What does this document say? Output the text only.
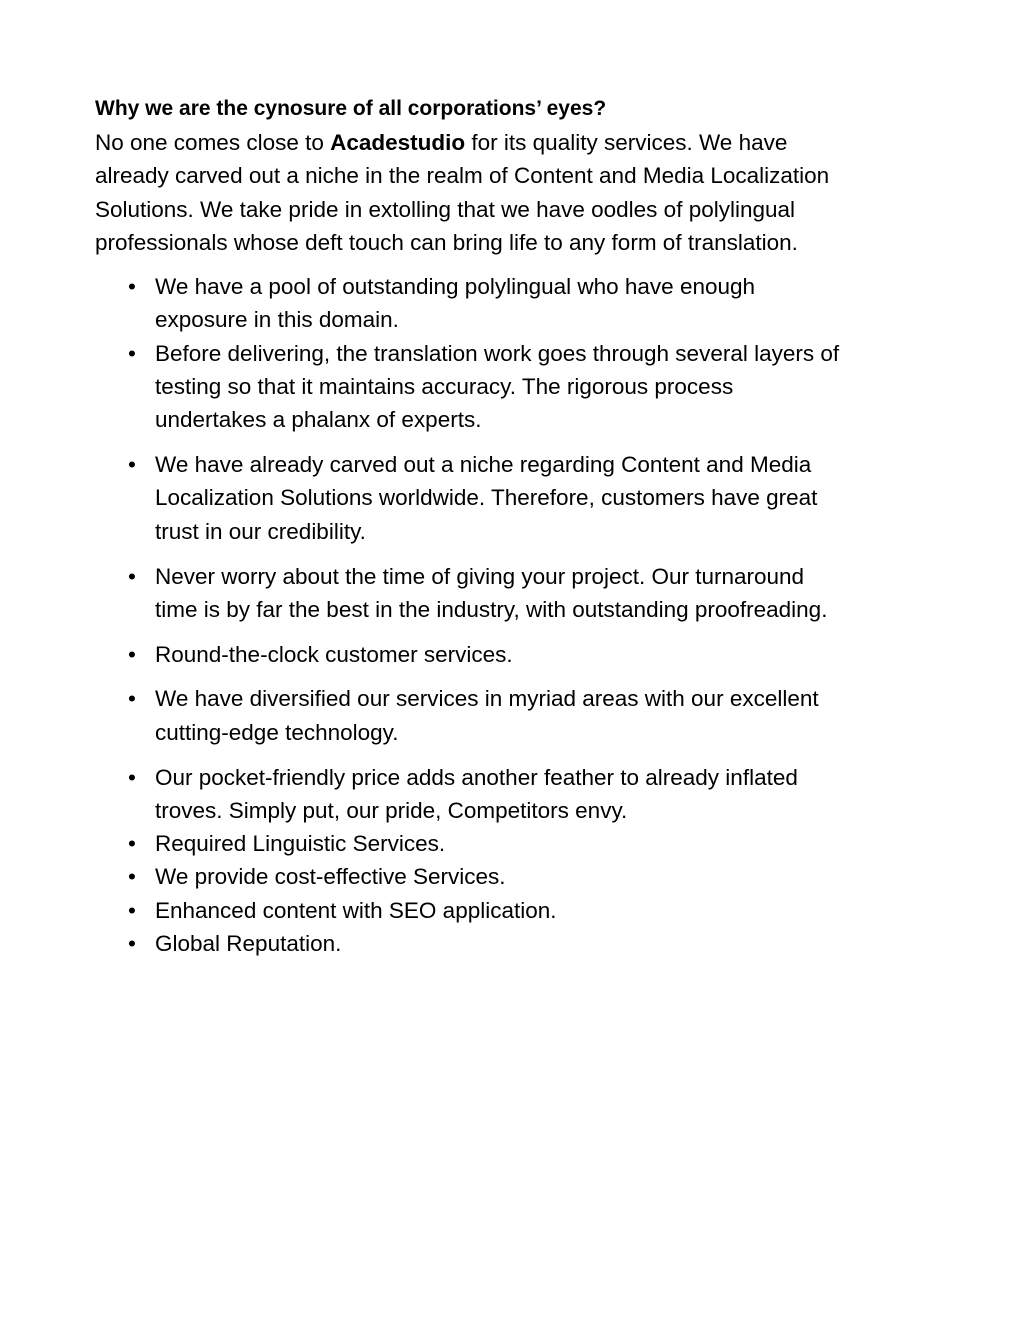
Why we are the cynosure of all corporations’ eyes?

No one comes close to Acadestudio for its quality services. We have
already carved out a niche in the realm of Content and Media Localization
Solutions. We take pride in extolling that we have oodles of polylingual
professionals whose deft touch can bring life to any form of translation.

• We have a pool of outstanding polylingual who have enough
exposure in this domain.
• Before delivering, the translation work goes through several layers of
testing so that it maintains accuracy. The rigorous process
undertakes a phalanx of experts.
• We have already carved out a niche regarding Content and Media
Localization Solutions worldwide. Therefore, customers have great
trust in our credibility.
• Never worry about the time of giving your project. Our turnaround
time is by far the best in the industry, with outstanding proofreading.
• Round-the-clock customer services.
• We have diversified our services in myriad areas with our excellent
cutting-edge technology.
• Our pocket-friendly price adds another feather to already inflated
troves. Simply put, our pride, Competitors envy.
• Required Linguistic Services.
• We provide cost-effective Services.
• Enhanced content with SEO application.
• Global Reputation.
